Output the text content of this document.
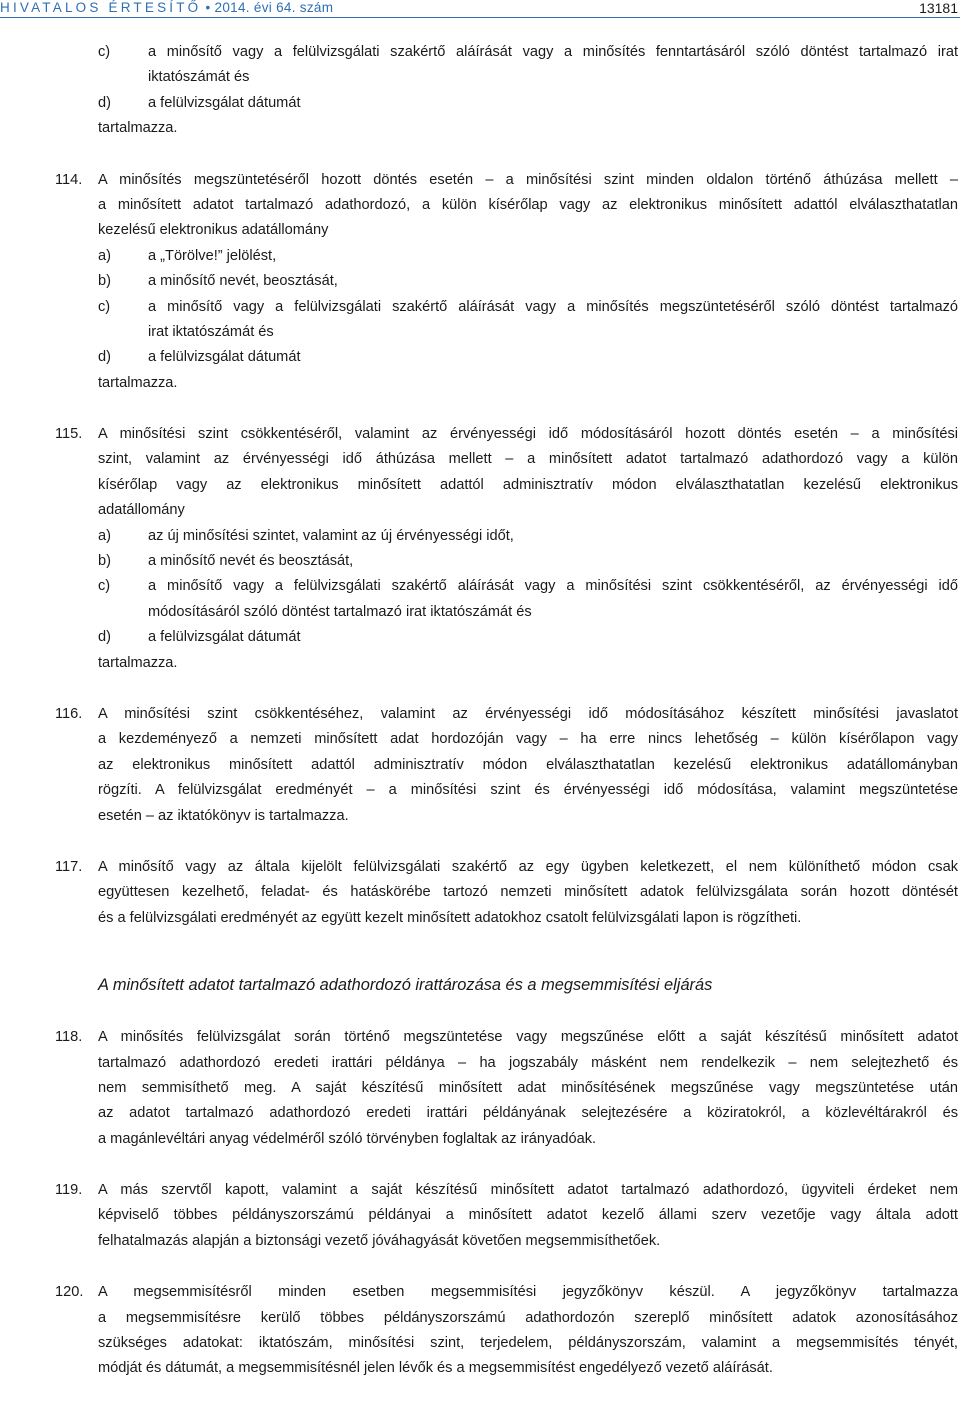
HIVATALOS ÉRTESÍTŐ • 2014. évi 64. szám	13181
c)	a minősítő vagy a felülvizsgálati szakértő aláírását vagy a minősítés fenntartásáról szóló döntést tartalmazó irat
iktatószámát és
d)	a felülvizsgálat dátumát
tartalmazza.
114. A minősítés megszüntetéséről hozott döntés esetén – a minősítési szint minden oldalon történő áthúzása mellett –
a minősített adatot tartalmazó adathordozó, a külön kísérőlap vagy az elektronikus minősített adattól elválaszthatatlan
kezelésű elektronikus adatállomány
a)	a „Törölve!” jelölést,
b)	a minősítő nevét, beosztását,
c)	a minősítő vagy a felülvizsgálati szakértő aláírását vagy a minősítés megszüntetéséről szóló döntést tartalmazó
irat iktatószámát és
d)	a felülvizsgálat dátumát
tartalmazza.
115. A minősítési szint csökkentéséről, valamint az érvényességi idő módosításáról hozott döntés esetén – a minősítési
szint, valamint az érvényességi idő áthúzása mellett – a minősített adatot tartalmazó adathordozó vagy a külön
kísérőlap vagy az elektronikus minősített adattól adminisztratív módon elválaszthatatlan kezelésű elektronikus
adatállomány
a)	az új minősítési szintet, valamint az új érvényességi időt,
b)	a minősítő nevét és beosztását,
c)	a minősítő vagy a felülvizsgálati szakértő aláírását vagy a minősítési szint csökkentéséről, az érvényességi idő
módosításáról szóló döntést tartalmazó irat iktatószámát és
d)	a felülvizsgálat dátumát
tartalmazza.
116. A minősítési szint csökkentéséhez, valamint az érvényességi idő módosításához készített minősítési javaslatot
a kezdeményező a nemzeti minősített adat hordozóján vagy – ha erre nincs lehetőség – külön kísérőlapon vagy
az elektronikus minősített adattól adminisztratív módon elválaszthatatlan kezelésű elektronikus adatállományban
rögzíti. A felülvizsgálat eredményét – a minősítési szint és érvényességi idő módosítása, valamint megszüntetése
esetén – az iktatókönyv is tartalmazza.
117. A minősítő vagy az általa kijelölt felülvizsgálati szakértő az egy ügyben keletkezett, el nem különíthető módon csak
együttesen kezelhető, feladat- és hatáskörébe tartozó nemzeti minősített adatok felülvizsgálata során hozott döntését
és a felülvizsgálati eredményét az együtt kezelt minősített adatokhoz csatolt felülvizsgálati lapon is rögzítheti.
A minősített adatot tartalmazó adathordozó irattározása és a megsemmisítési eljárás
118. A minősítés felülvizsgálat során történő megszüntetése vagy megszűnése előtt a saját készítésű minősített adatot
tartalmazó adathordozó eredeti irattári példánya – ha jogszabály másként nem rendelkezik – nem selejtezhető és
nem semmisíthető meg. A saját készítésű minősített adat minősítésének megszűnése vagy megszüntetése után
az adatot tartalmazó adathordozó eredeti irattári példányának selejtezésére a köziratokról, a közlevéltárakról és
a magánlevéltári anyag védelméről szóló törvényben foglaltak az irányadóak.
119. A más szervtől kapott, valamint a saját készítésű minősített adatot tartalmazó adathordozó, ügyviteli érdeket nem
képviselő többes példányszorszámú példányai a minősített adatot kezelő állami szerv vezetője vagy általa adott
felhatalmazás alapján a biztonsági vezető jóváhagyását követően megsemmisíthetőek.
120. A megsemmisítésről minden esetben megsemmisítési jegyzőkönyv készül. A jegyzőkönyv tartalmazza
a megsemmisítésre kerülő többes példányszorszámú adathordozón szereplő minősített adatok azonosításához
szükséges adatokat: iktatószám, minősítési szint, terjedelem, példányszorszám, valamint a megsemmisítés tényét,
módját és dátumát, a megsemmisítésnél jelen lévők és a megsemmisítést engedélyező vezető aláírását.
